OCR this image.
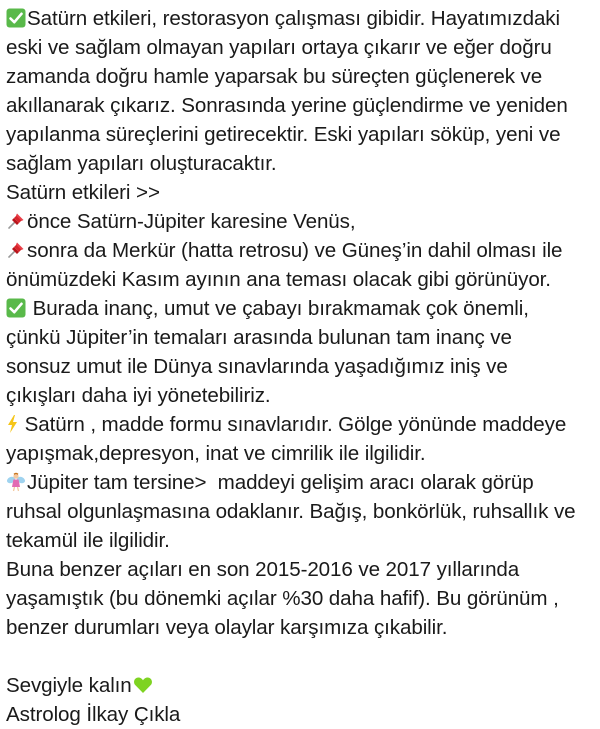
Satürn etkileri, restorasyon çalışması gibidir. Hayatımızdaki
eski ve sağlam olmayan yapıları ortaya çıkarır ve eğer doğru
zamanda doğru hamle yaparsak bu süreçten güçlenerek ve
akıllanarak çıkarız. Sonrasında yerine güçlendirme ve yeniden
yapılanma süreçlerini getirecektir. Eski yapıları söküp, yeni ve
sağlam yapıları oluşturacaktır.
Satürn etkileri >>
önce Satürn-Jüpiter karesine Venüs,
sonra da Merkür (hatta retrosu) ve Güneş’in dahil olması ile
önümüzdeki Kasım ayının ana teması olacak gibi görünüyor.
Burada inanç, umut ve çabayı bırakmamak çok önemli,
çünkü Jüpiter’in temaları arasında bulunan tam inanç ve
sonsuz umut ile Dünya sınavlarında yaşadığımız iniş ve
çıkışları daha iyi yönetebiliriz.
Satürn , madde formu sınavlarıdır. Gölge yönünde maddeye
yapışmak,depresyon, inat ve cimrilik ile ilgilidir.
Jüpiter tam tersine>  maddeyi gelişim aracı olarak görüp
ruhsal olgunlaşmasına odaklanır. Bağış, bonkörlük, ruhsallık ve
tekamül ile ilgilidir.
Buna benzer açıları en son 2015-2016 ve 2017 yıllarında
yaşamıştık (bu dönemki açılar %30 daha hafif). Bu görünüm ,
benzer durumları veya olaylar karşımıza çıkabilir.
Sevgiyle kalın
Astrolog İlkay Çıkla
